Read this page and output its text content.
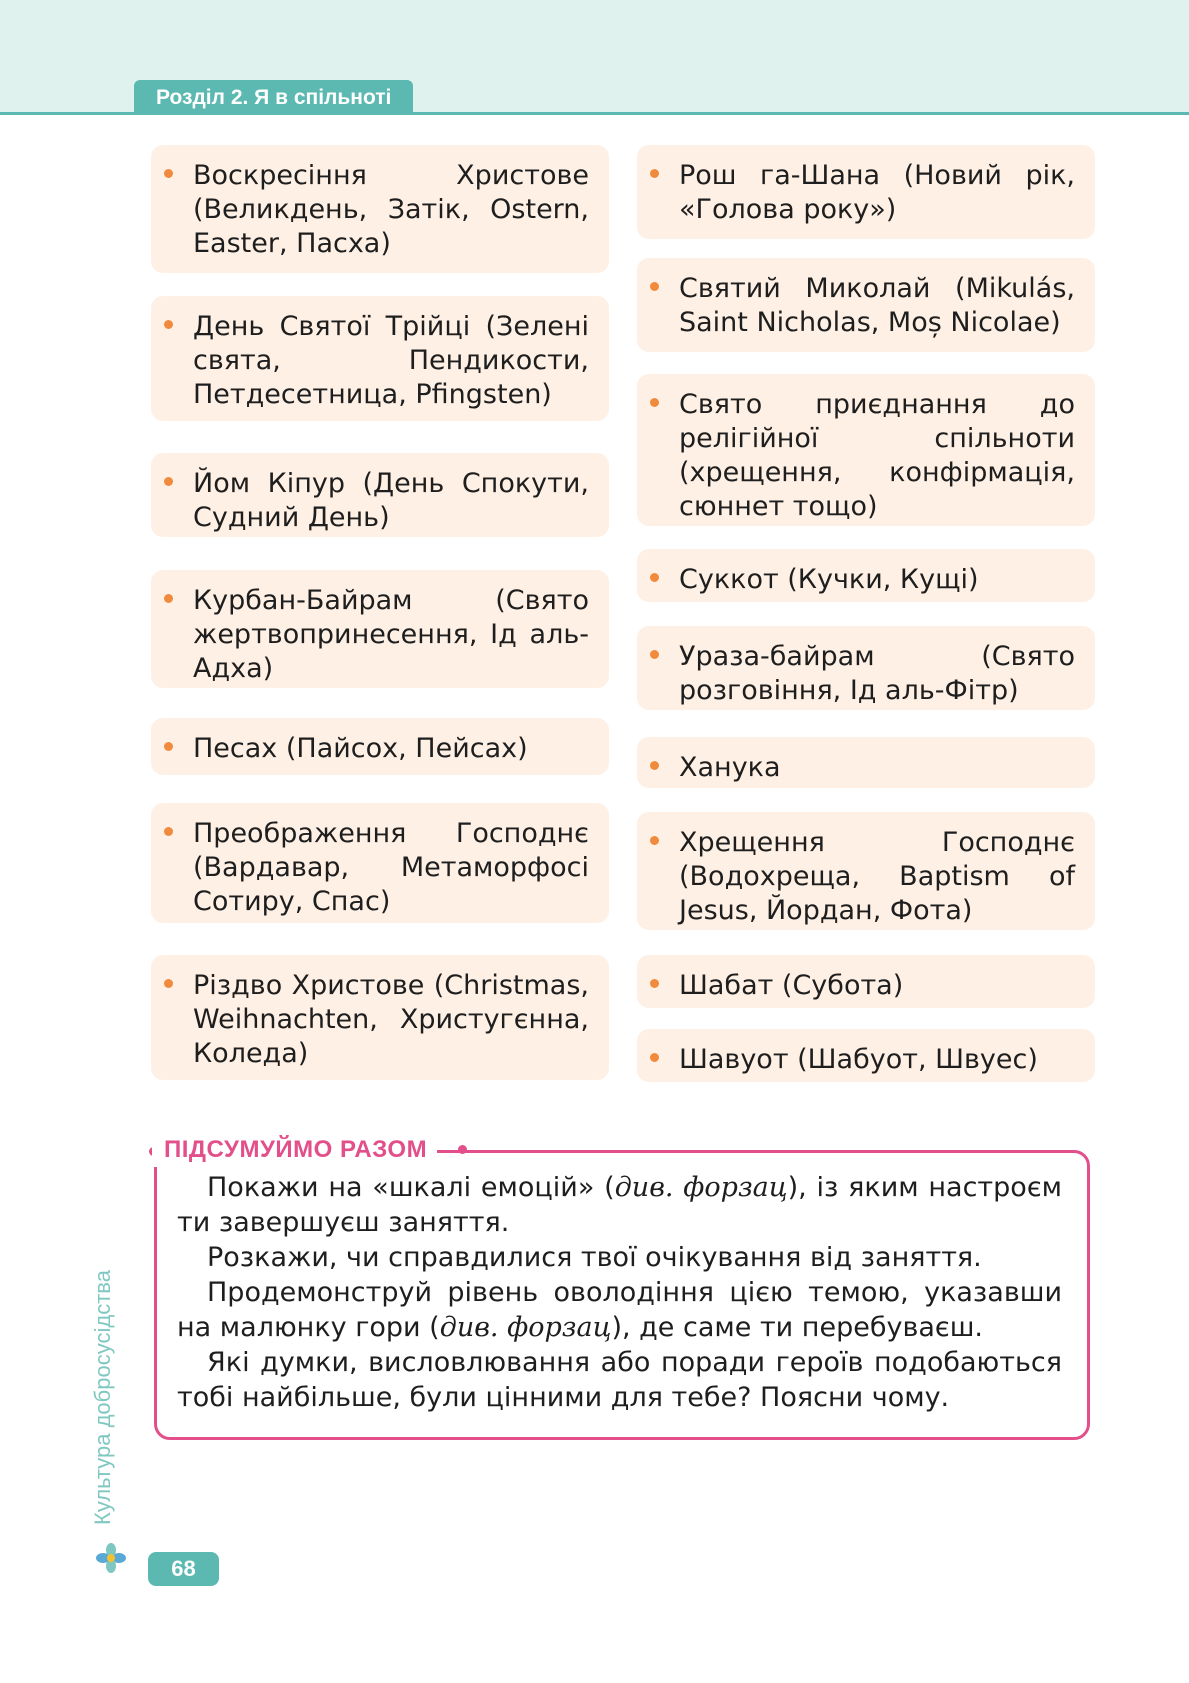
Розділ 2. Я в спільноті
Воскресіння Христове (Великдень, Затік, Ostern, Easter, Пасха)
День Святої Трійці (Зелені свята, Пендикости, Петдесетница, Pfingsten)
Йом Кіпур (День Спокути, Судний День)
Курбан-Байрам (Свято жертвопринесення, Ід аль-Адха)
Песах (Пайсох, Пейсах)
Преображення Господнє (Вардавар, Метаморфосі Сотиру, Спас)
Різдво Христове (Christmas, Weihnachten, Христугєнна, Коледа)
Рош га-Шана (Новий рік, «Голова року»)
Святий Миколай (Mikulás, Saint Nicholas, Moș Nicolae)
Свято приєднання до релігійної спільноти (хрещення, конфірмація, сюннет тощо)
Суккот (Кучки, Кущі)
Ураза-байрам (Свято розговіння, Ід аль-Фітр)
Ханука
Хрещення Господнє (Водохреща, Baptism of Jesus, Йордан, Фота)
Шабат (Субота)
Шавуот (Шабуот, Швуес)
ПІДСУМУЙМО РАЗОМ

Покажи на «шкалі емоцій» (див. форзац), із яким настроєм ти завершуєш заняття.

Розкажи, чи справдилися твої очікування від заняття.

Продемонструй рівень оволодіння цією темою, указавши на малюнку гори (див. форзац), де саме ти перебуваєш.

Які думки, висловлювання або поради героїв подобаються тобі найбільше, були цінними для тебе? Поясни чому.

Культура добросусідства
68
